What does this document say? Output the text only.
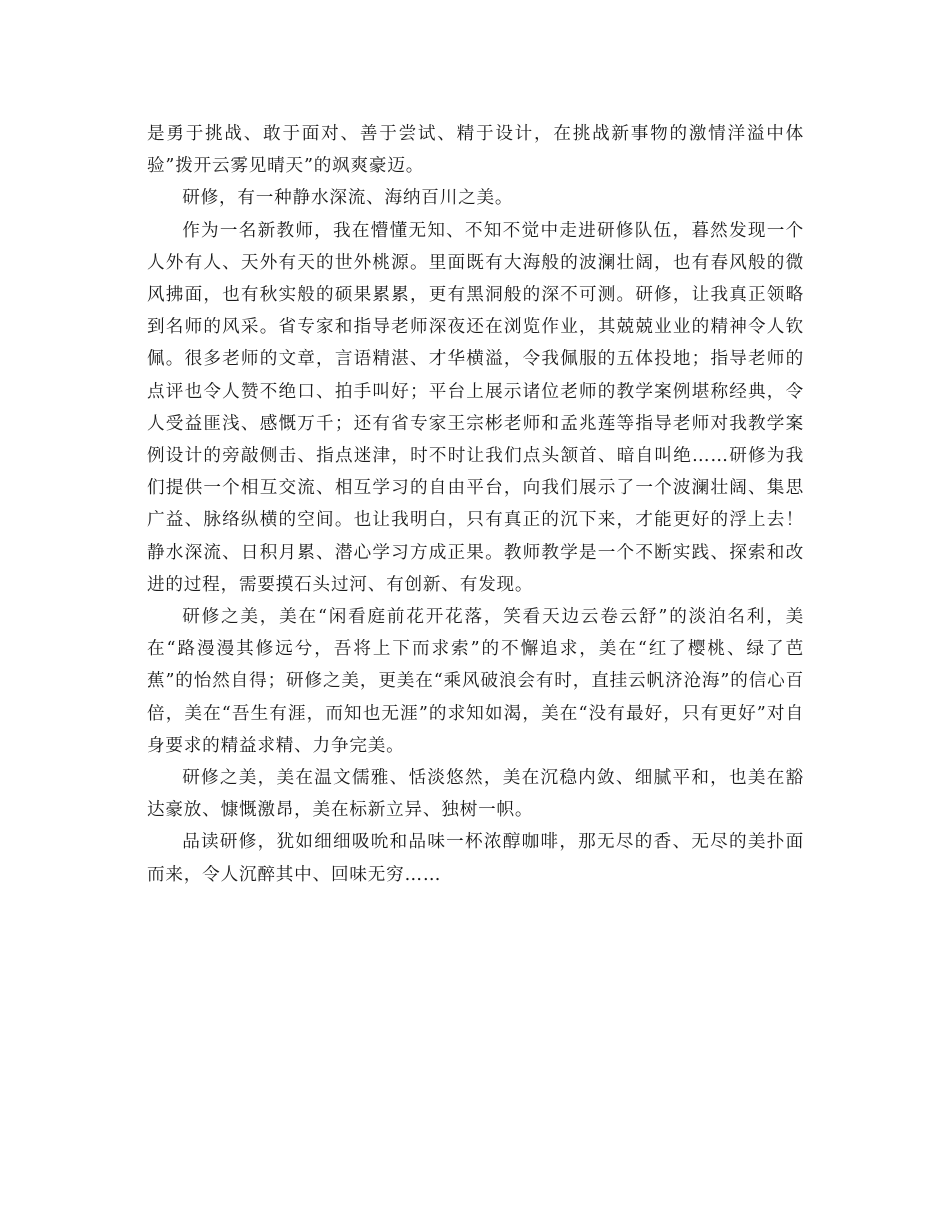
是勇于挑战、敢于面对、善于尝试、精于设计，在挑战新事物的激情洋溢中体验”拨开云雾见晴天”的飒爽豪迈。

研修，有一种静水深流、海纳百川之美。

作为一名新教师，我在懵懂无知、不知不觉中走进研修队伍，暮然发现一个人外有人、天外有天的世外桃源。里面既有大海般的波澜壮阔，也有春风般的微风拂面，也有秋实般的硕果累累，更有黑洞般的深不可测。研修，让我真正领略到名师的风采。省专家和指导老师深夜还在浏览作业，其兢兢业业的精神令人钦佩。很多老师的文章，言语精湛、才华横溢，令我佩服的五体投地；指导老师的点评也令人赞不绝口、拍手叫好；平台上展示诸位老师的教学案例堪称经典，令人受益匪浅、感慨万千；还有省专家王宗彬老师和孟兆莲等指导老师对我教学案例设计的旁敲侧击、指点迷津，时不时让我们点头颔首、暗自叫绝……研修为我们提供一个相互交流、相互学习的自由平台，向我们展示了一个波澜壮阔、集思广益、脉络纵横的空间。也让我明白，只有真正的沉下来，才能更好的浮上去！静水深流、日积月累、潜心学习方成正果。教师教学是一个不断实践、探索和改进的过程，需要摸石头过河、有创新、有发现。

研修之美，美在“闲看庭前花开花落，笑看天边云卷云舒”的淡泊名利，美在“路漫漫其修远兮，吾将上下而求索”的不懈追求，美在“红了樱桃、绿了芭蕉”的怡然自得；研修之美，更美在“乘风破浪会有时，直挂云帆济沧海”的信心百倍，美在“吾生有涯，而知也无涯”的求知如渴，美在“没有最好，只有更好”对自身要求的精益求精、力争完美。

研修之美，美在温文儒雅、恬淡悠然，美在沉稳内敛、细腻平和，也美在豁达豪放、慷慨激昂，美在标新立异、独树一帜。

品读研修，犹如细细吸吮和品味一杯浓醇咖啡，那无尽的香、无尽的美扑面而来，令人沉醉其中、回味无穷……
